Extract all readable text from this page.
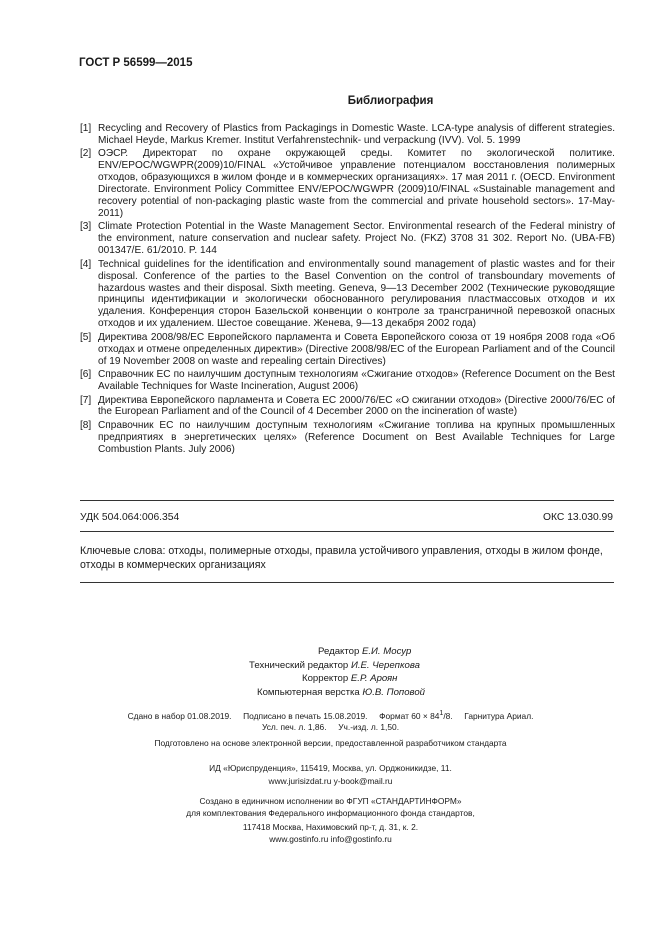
ГОСТ Р 56599—2015
Библиография
[1] Recycling and Recovery of Plastics from Packagings in Domestic Waste. LCA-type analysis of different strategies. Michael Heyde, Markus Kremer. Institut Verfahrenstechnik- und verpackung (IVV). Vol. 5. 1999
[2] ОЭСР. Директорат по охране окружающей среды. Комитет по экологической политике. ENV/EPOC/WGWPR(2009)10/FINAL «Устойчивое управление потенциалом восстановления полимерных отходов, образующихся в жилом фонде и в коммерческих организациях». 17 мая 2011 г. (OECD. Environment Directorate. Environment Policy Committee ENV/EPOC/WGWPR (2009)10/FINAL «Sustainable management and recovery potential of non-packaging plastic waste from the commercial and private household sectors». 17-May-2011)
[3] Climate Protection Potential in the Waste Management Sector. Environmental research of the Federal ministry of the environment, nature conservation and nuclear safety. Project No. (FKZ) 3708 31 302. Report No. (UBA-FB) 001347/E. 61/2010. P. 144
[4] Technical guidelines for the identification and environmentally sound management of plastic wastes and for their disposal. Conference of the parties to the Basel Convention on the control of transboundary movements of hazardous wastes and their disposal. Sixth meeting. Geneva, 9—13 December 2002 (Технические руководящие принципы идентификации и экологически обоснованного регулирования пластмассовых отходов и их удаления. Конференция сторон Базельской конвенции о контроле за трансграничной перевозкой опасных отходов и их удалением. Шестое совещание. Женева, 9—13 декабря 2002 года)
[5] Директива 2008/98/ЕС Европейского парламента и Совета Европейского союза от 19 ноября 2008 года «Об отходах и отмене определенных директив» (Directive 2008/98/EC of the European Parliament and of the Council of 19 November 2008 on waste and repealing certain Directives)
[6] Справочник ЕС по наилучшим доступным технологиям «Сжигание отходов» (Reference Document on the Best Available Techniques for Waste Incineration, August 2006)
[7] Директива Европейского парламента и Совета ЕС 2000/76/ЕС «О сжигании отходов» (Directive 2000/76/EC of the European Parliament and of the Council of 4 December 2000 on the incineration of waste)
[8] Справочник ЕС по наилучшим доступным технологиям «Сжигание топлива на крупных промышленных предприятиях в энергетических целях» (Reference Document on Best Available Techniques for Large Combustion Plants. July 2006)
УДК 504.064:006.354	ОКС 13.030.99
Ключевые слова: отходы, полимерные отходы, правила устойчивого управления, отходы в жилом фонде, отходы в коммерческих организациях
Редактор Е.И. Мосур
Технический редактор И.Е. Черепкова
Корректор Е.Р. Ароян
Компьютерная верстка Ю.В. Поповой
Сдано в набор 01.08.2019. Подписано в печать 15.08.2019. Формат $60 \times 84^1/8$. Гарнитура Ариал.
Усл. печ. л. 1,86. Уч.-изд. л. 1,50.
Подготовлено на основе электронной версии, предоставленной разработчиком стандарта
ИД «Юриспруденция», 115419, Москва, ул. Орджоникидзе, 11.
www.jurisizdat.ru y-book@mail.ru
Создано в единичном исполнении во ФГУП «СТАНДАРТИНФОРМ»
для комплектования Федерального информационного фонда стандартов,
117418 Москва, Нахимовский пр-т, д. 31, к. 2.
www.gostinfo.ru info@gostinfo.ru
